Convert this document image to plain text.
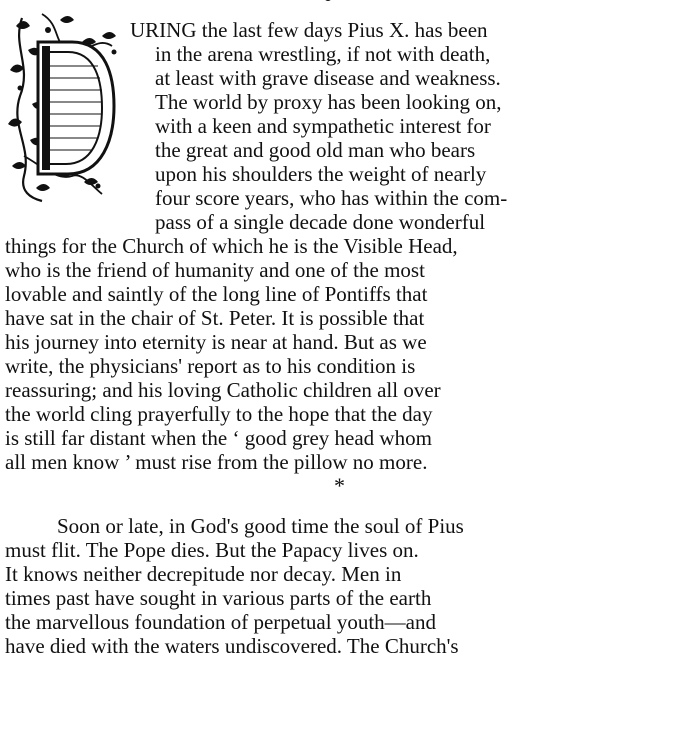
URING the last few days Pius X. has been
in the arena wrestling, if not with death,
at least with grave disease and weakness.
The world by proxy has been looking on,
with a keen and sympathetic interest for
the great and good old man who bears
upon his shoulders the weight of nearly
four score years, who has within the com-
pass of a single decade done wonderful
things for the Church of which he is the Visible Head,
who is the friend of humanity and one of the most
lovable and saintly of the long line of Pontiffs that
have sat in the chair of St. Peter. It is possible that
his journey into eternity is near at hand. But as we
write, the physicians' report as to his condition is
reassuring; and his loving Catholic children all over
the world cling prayerfully to the hope that the day
is still far distant when the ‘ good grey head whom
all men know ’ must rise from the pillow no more.
*
Soon or late, in God's good time the soul of Pius
must flit. The Pope dies. But the Papacy lives on.
It knows neither decrepitude nor decay. Men in
times past have sought in various parts of the earth
the marvellous foundation of perpetual youth—and
have died with the waters undiscovered. The Church's
